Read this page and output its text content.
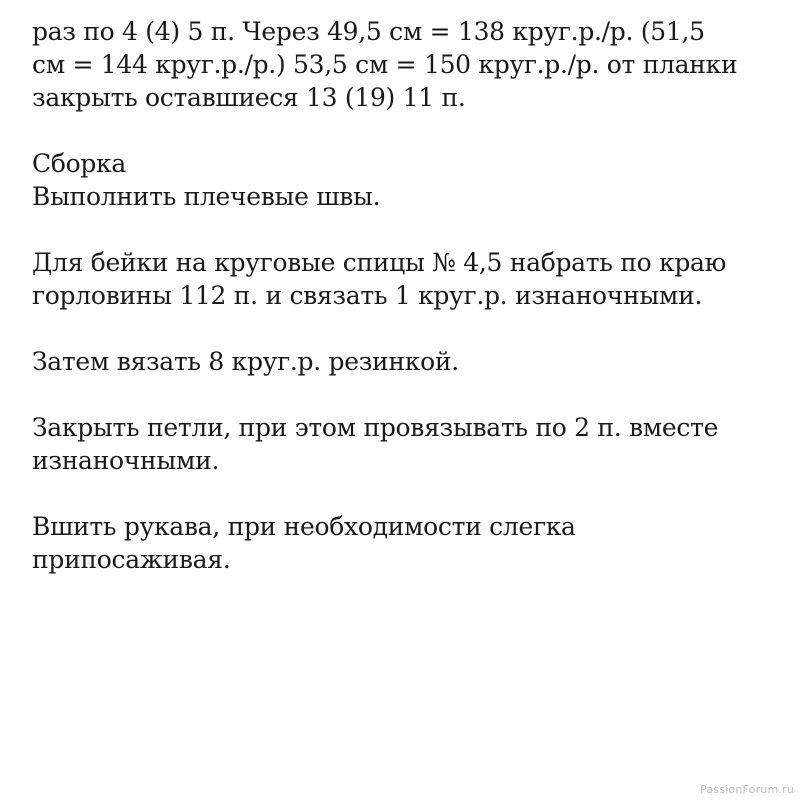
раз по 4 (4) 5 п. Через 49,5 см = 138 круг.р./р. (51,5
см = 144 круг.р./р.) 53,5 см = 150 круг.р./р. от планки
закрыть оставшиеся 13 (19) 11 п.
Сборка
Выполнить плечевые швы.
Для бейки на круговые спицы № 4,5 набрать по краю
горловины 112 п. и связать 1 круг.р. изнаночными.
Затем вязать 8 круг.р. резинкой.
Закрыть петли, при этом провязывать по 2 п. вместе
изнаночными.
Вшить рукава, при необходимости слегка
припосаживая.
PassionForum.ru
